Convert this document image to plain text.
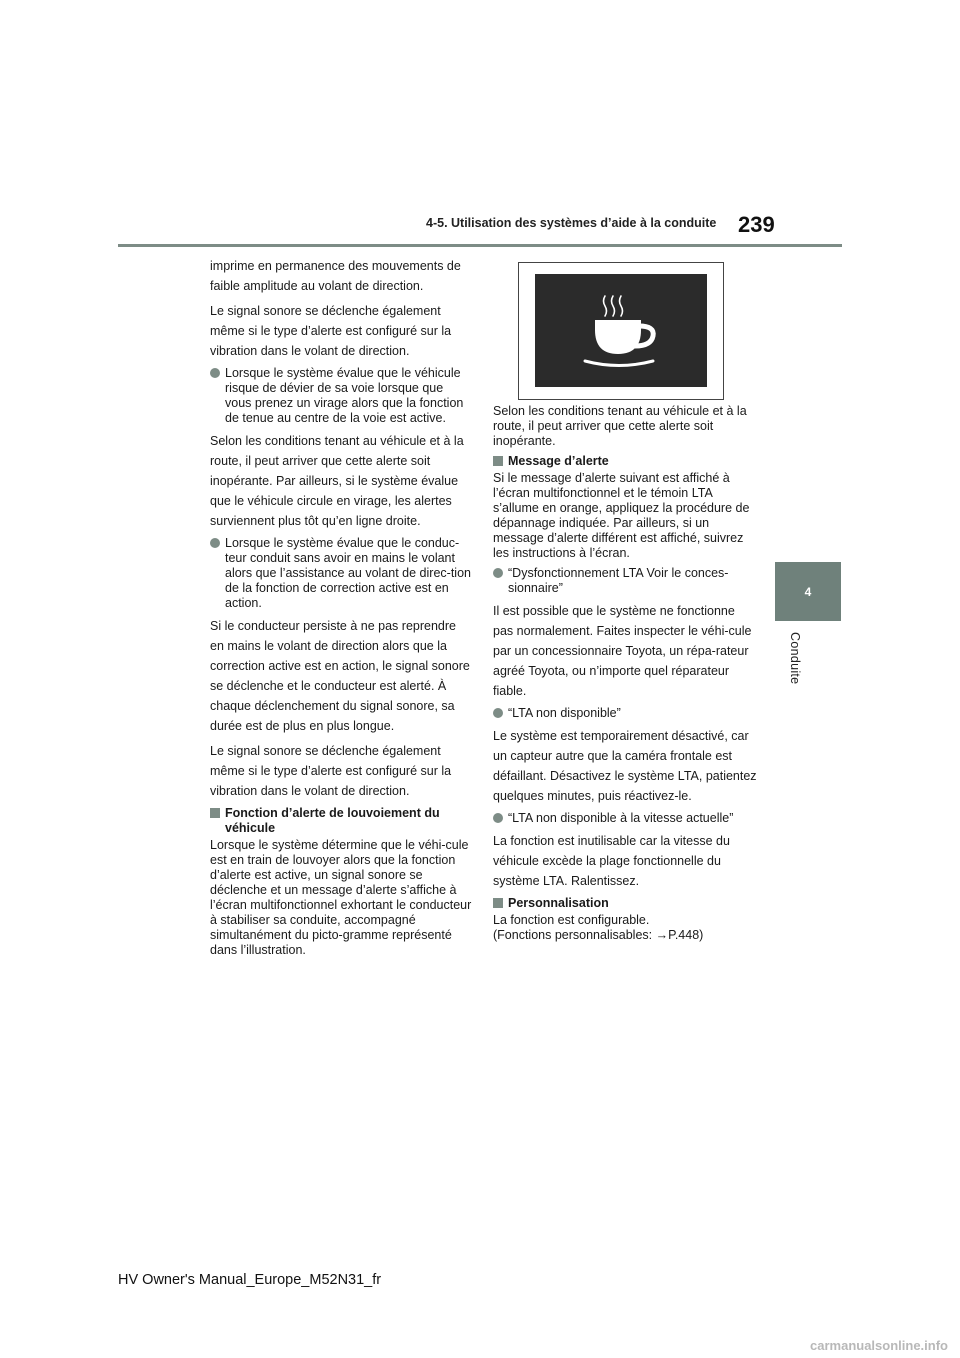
4-5. Utilisation des systèmes d’aide à la conduite 239
4
Conduite

imprime en permanence des mouvements de faible amplitude au volant de direction.

Le signal sonore se déclenche également même si le type d’alerte est configuré sur la vibration dans le volant de direction.

Lorsque le système évalue que le véhicule risque de dévier de sa voie lorsque que vous prenez un virage alors que la fonction de tenue au centre de la voie est active.

Selon les conditions tenant au véhicule et à la route, il peut arriver que cette alerte soit inopérante. Par ailleurs, si le système évalue que le véhicule circule en virage, les alertes surviennent plus tôt qu’en ligne droite.

Lorsque le système évalue que le conduc-teur conduit sans avoir en mains le volant alors que l’assistance au volant de direc-tion de la fonction de correction active est en action.

Si le conducteur persiste à ne pas reprendre en mains le volant de direction alors que la correction active est en action, le signal sonore se déclenche et le conducteur est alerté. À chaque déclenchement du signal sonore, sa durée est de plus en plus longue.

Le signal sonore se déclenche également même si le type d’alerte est configuré sur la vibration dans le volant de direction.

Fonction d’alerte de louvoiement du véhicule

Lorsque le système détermine que le véhi-cule est en train de louvoyer alors que la fonction d’alerte est active, un signal sonore se déclenche et un message d’alerte s’affiche à l’écran multifonctionnel exhortant le conducteur à stabiliser sa conduite, accompagné simultanément du picto-gramme représenté dans l’illustration.

Selon les conditions tenant au véhicule et à la route, il peut arriver que cette alerte soit inopérante.

Message d’alerte

Si le message d’alerte suivant est affiché à l’écran multifonctionnel et le témoin LTA s’allume en orange, appliquez la procédure de dépannage indiquée. Par ailleurs, si un message d’alerte différent est affiché, suivrez les instructions à l’écran.

“Dysfonctionnement LTA Voir le conces-sionnaire”

Il est possible que le système ne fonctionne pas normalement. Faites inspecter le véhi-cule par un concessionnaire Toyota, un répa-rateur agréé Toyota, ou n’importe quel réparateur fiable.

“LTA non disponible”

Le système est temporairement désactivé, car un capteur autre que la caméra frontale est défaillant. Désactivez le système LTA, patientez quelques minutes, puis réactivez-le.

“LTA non disponible à la vitesse actuelle”

La fonction est inutilisable car la vitesse du véhicule excède la plage fonctionnelle du système LTA. Ralentissez.

Personnalisation

La fonction est configurable.
(Fonctions personnalisables: →P.448)

HV Owner's Manual_Europe_M52N31_fr
carmanualsonline.info
